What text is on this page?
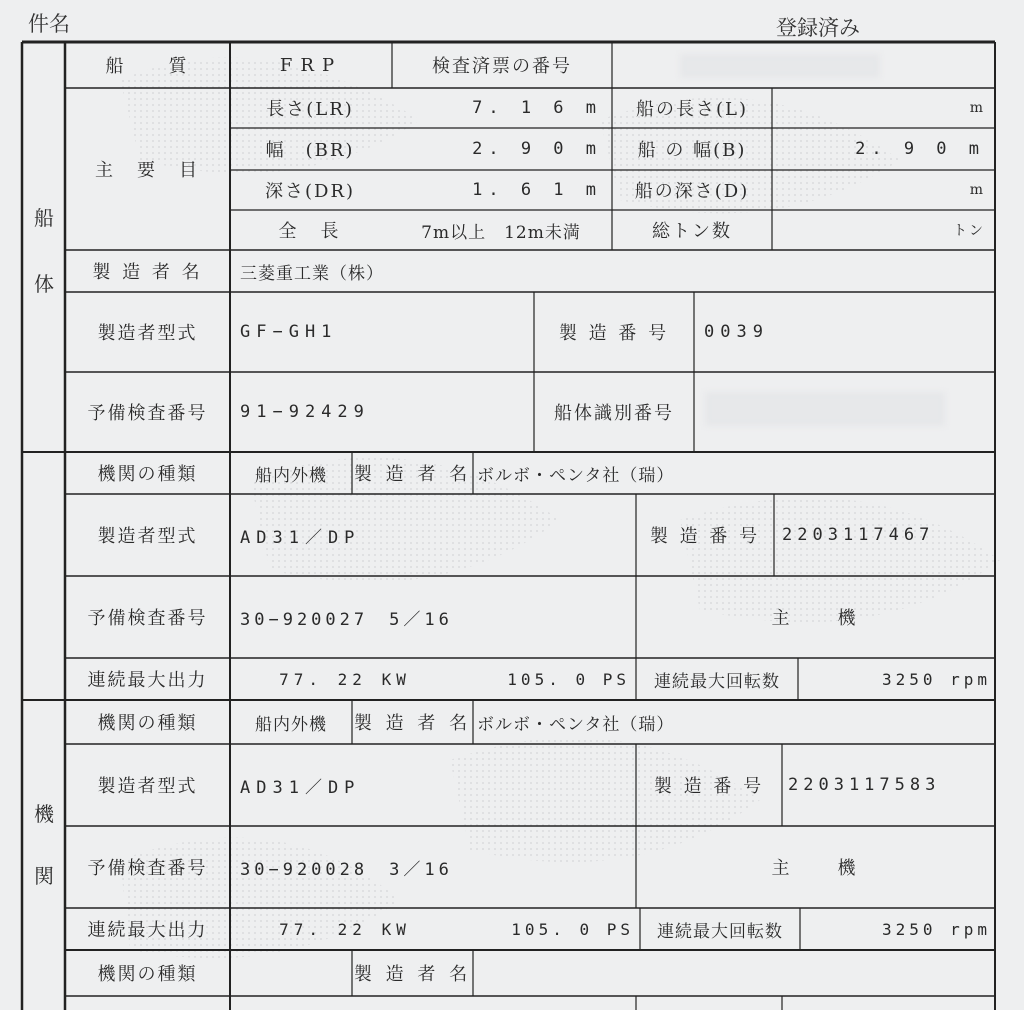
件名	登録済み
船
体
機
関
船　　質	FRP	検査済票の番号
主　要　目
長さ(LR)	7. 1 6 m	船の長さ(L)	m
幅　(BR)	2. 9 0 m	船 の 幅(B)	2. 9 0 m
深さ(DR)	1. 6 1 m	船の深さ(D)	m
全　長	7m以上　12m未満	総トン数	トン
製 造 者 名	三菱重工業（株）
製造者型式	GF−GH1	製 造 番 号	0039
予備検査番号	91−92429	船体識別番号
機関の種類	船内外機	製 造 者 名 ボルボ・ペンタ社（瑞）
製造者型式	AD31／DP	製 造 番 号	2203117467
予備検査番号	30−920027　5／16	主　　機
連続最大出力	77. 22 KW	105. 0 PS	連続最大回転数	3250 rpm
機関の種類	船内外機	製 造 者 名 ボルボ・ペンタ社（瑞）
製造者型式	AD31／DP	製 造 番 号	2203117583
予備検査番号	30−920028　3／16	主　　機
連続最大出力	77. 22 KW	105. 0 PS	連続最大回転数	3250 rpm
機関の種類	製 造 者 名
